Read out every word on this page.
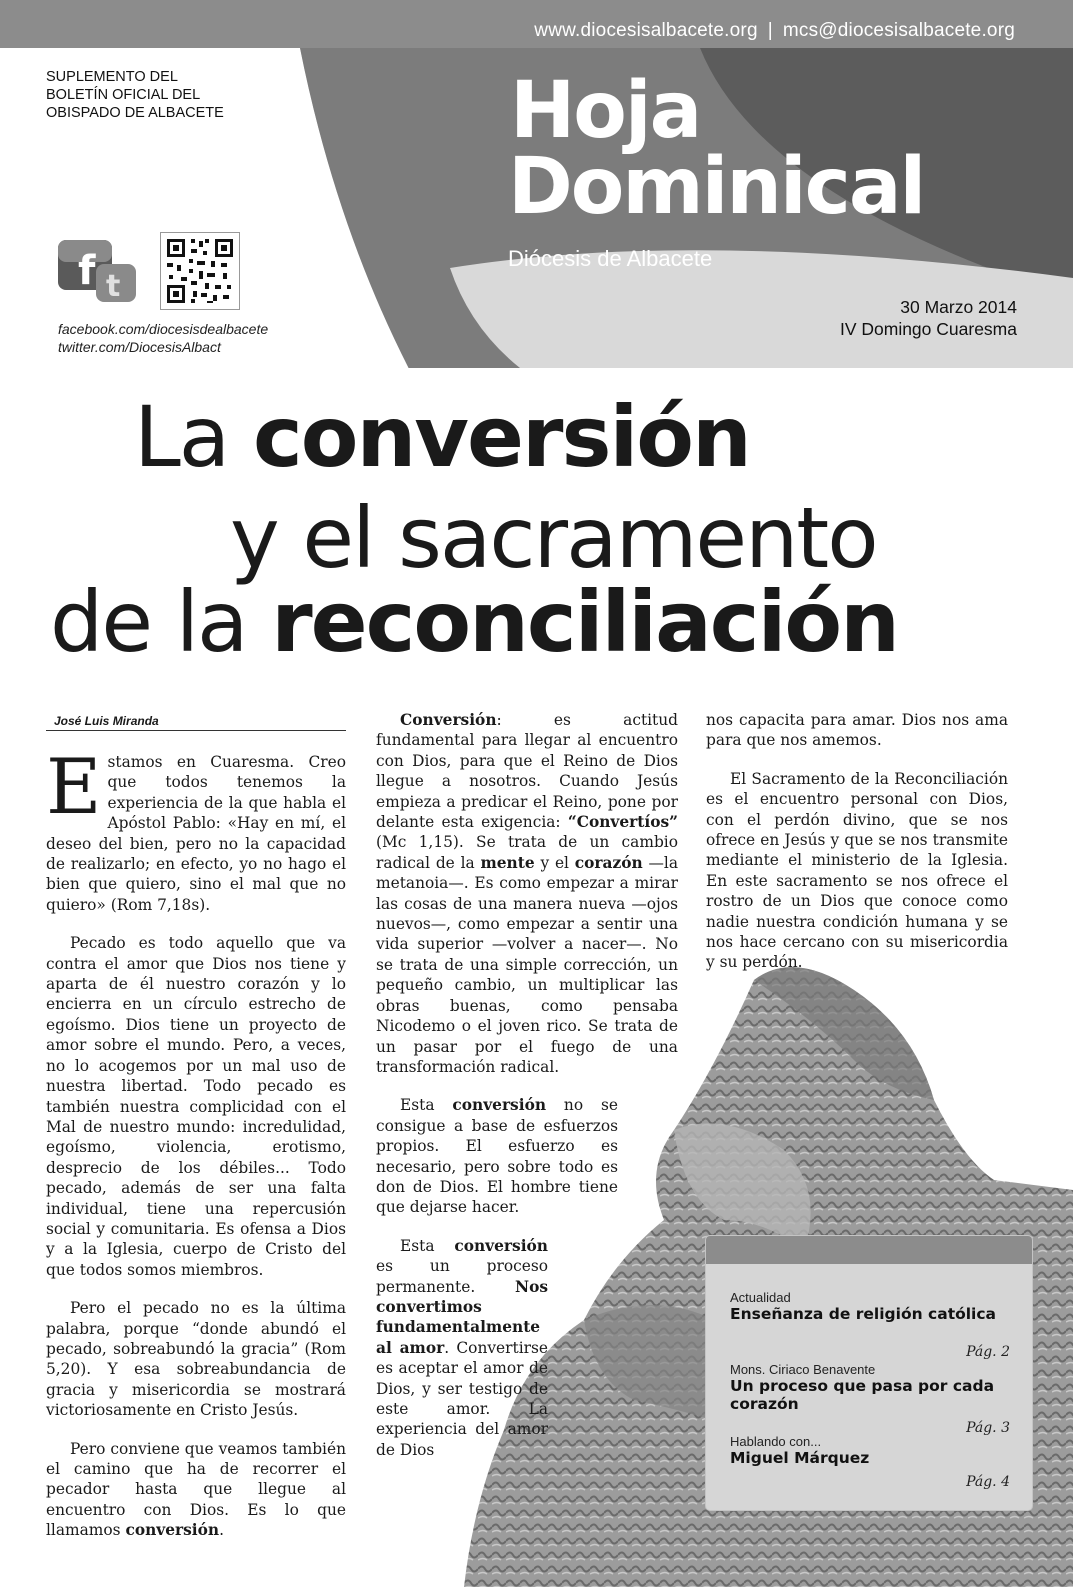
www.diocesisalbacete.org | mcs@diocesisalbacete.org
SUPLEMENTO DEL
BOLETÍN OFICIAL DEL
OBISPADO DE ALBACETE	Hoja
Dominical
Diócesis de Albacete
30 Marzo 2014
IV Domingo Cuaresma
f t
facebook.com/diocesisdealbacete
twitter.com/DiocesisAlbact
La conversión
y el sacramento
de la reconciliación
José Luis Miranda

Estamos en Cuaresma. Creo que todos tenemos la experiencia de la que habla el Apóstol Pablo: «Hay en mí, el deseo del bien, pero no la capacidad de realizarlo; en efecto, yo no hago el bien que quiero, sino el mal que no quiero» (Rom 7,18s).

Pecado es todo aquello que va contra el amor que Dios nos tiene y aparta de él nuestro corazón y lo encierra en un círculo estrecho de egoísmo. Dios tiene un proyecto de amor sobre el mundo. Pero, a veces, no lo acogemos por un mal uso de nuestra libertad. Todo pecado es también nuestra complicidad con el Mal de nuestro mundo: incredulidad, egoísmo, violencia, erotismo, desprecio de los débiles... Todo pecado, además de ser una falta individual, tiene una repercusión social y comunitaria. Es ofensa a Dios y a la Iglesia, cuerpo de Cristo del que todos somos miembros.

Pero el pecado no es la última palabra, porque “donde abundó el pecado, sobreabundó la gracia” (Rom 5,20). Y esa sobreabundancia de gracia y misericordia se mostrará victoriosamente en Cristo Jesús.

Pero conviene que veamos también el camino que ha de recorrer el pecador hasta que llegue al encuentro con Dios. Es lo que llamamos conversión.

Conversión: es actitud fundamental para llegar al encuentro con Dios, para que el Reino de Dios llegue a nosotros. Cuando Jesús empieza a predicar el Reino, pone por delante esta exigencia: “Convertíos” (Mc 1,15). Se trata de un cambio radical de la mente y el corazón —la metanoia—. Es como empezar a mirar las cosas de una manera nueva —ojos nuevos—, como empezar a sentir una vida superior —volver a nacer—. No se trata de una simple corrección, un pequeño cambio, un multiplicar las obras buenas, como pensaba Nicodemo o el joven rico. Se trata de un pasar por el fuego de una transformación radical.

Esta conversión no se consigue a base de esfuerzos propios. El esfuerzo es necesario, pero sobre todo es don de Dios. El hombre tiene que dejarse hacer.

Esta conversión es un proceso permanente. Nos convertimos fundamentalmente al amor. Convertirse es aceptar el amor de Dios, y ser testigo de este amor. La experiencia del amor de Dios

nos capacita para amar. Dios nos ama para que nos amemos.

El Sacramento de la Reconciliación es el encuentro personal con Dios, con el perdón divino, que se nos ofrece en Jesús y que se nos transmite mediante el ministerio de la Iglesia. En este sacramento se nos ofrece el rostro de un Dios que conoce como nadie nuestra condición humana y se nos hace cercano con su misericordia y su perdón.

Actualidad
Enseñanza de religión católica
Pág. 2
Mons. Ciriaco Benavente
Un proceso que pasa por cada corazón
Pág. 3
Hablando con...
Miguel Márquez
Pág. 4
